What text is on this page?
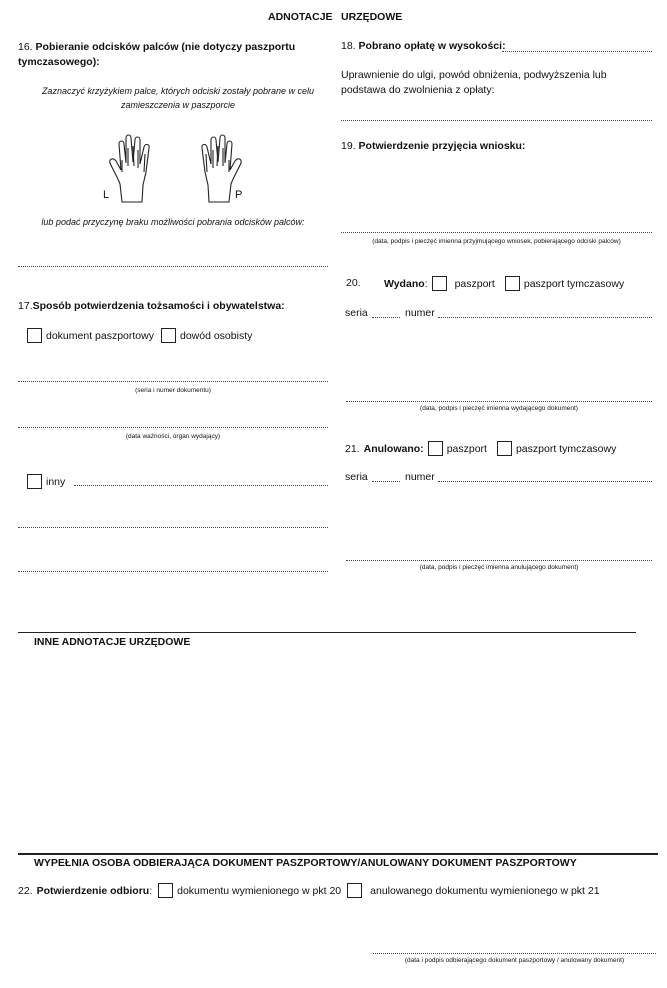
ADNOTACJE URZĘDOWE
16. Pobieranie odcisków palców (nie dotyczy paszportu tymczasowego):
Zaznaczyć krzyżykiem palce, których odciski zostały pobrane w celu zamieszczenia w paszporcie
L	P
lub podać przyczynę braku możliwości pobrania odcisków palców:
17.Sposób potwierdzenia tożsamości i obywatelstwa:
dokument paszportowy dowód osobisty
(seria i numer dokumentu)
(data ważności, organ wydający)
inny
18. Pobrano opłatę w wysokości:
Uprawnienie do ulgi, powód obniżenia, podwyższenia lub podstawa do zwolnienia z opłaty:
19. Potwierdzenie przyjęcia wniosku:
(data, podpis i pieczęć imienna przyjmującego wniosek, pobierającego odciski palców)
20. Wydano:	paszport	paszport tymczasowy
seria	numer
(data, podpis i pieczęć imienna wydającego dokument)
21. Anulowano: paszport	paszport tymczasowy
seria	numer
(data, podpis i pieczęć imienna anulującego dokument)
INNE ADNOTACJE URZĘDOWE
WYPEŁNIA OSOBA ODBIERAJĄCA DOKUMENT PASZPORTOWY/ANULOWANY DOKUMENT PASZPORTOWY
22. Potwierdzenie odbioru: dokumentu wymienionego w pkt 20	anulowanego dokumentu wymienionego w pkt 21
(data i podpis odbierającego dokument paszportowy / anulowany dokument)
